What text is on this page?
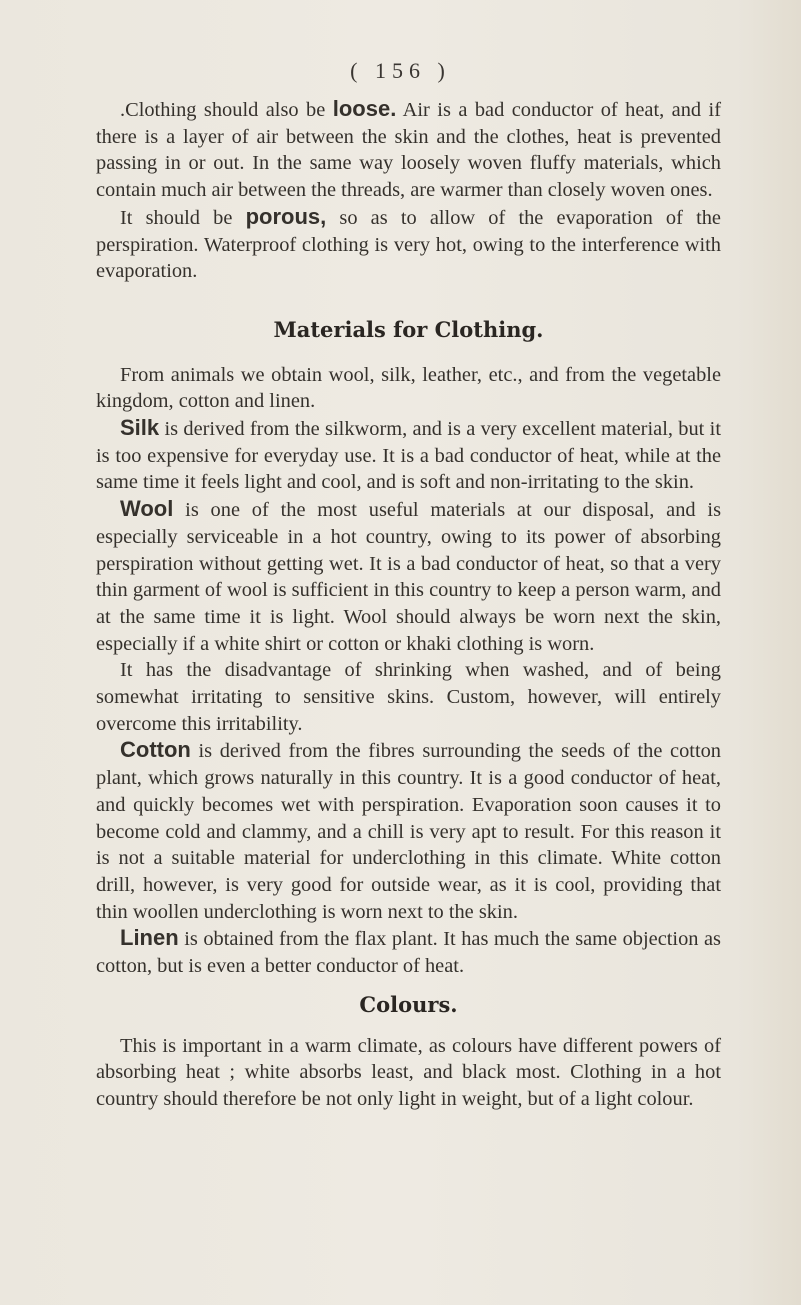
( 156 )

.Clothing should also be loose. Air is a bad conductor of heat, and if there is a layer of air between the skin and the clothes, heat is prevented passing in or out. In the same way loosely woven fluffy materials, which contain much air between the threads, are warmer than closely woven ones.

It should be porous, so as to allow of the evaporation of the perspiration. Waterproof clothing is very hot, owing to the interference with evaporation.

Materials for Clothing.

From animals we obtain wool, silk, leather, etc., and from the vegetable kingdom, cotton and linen.

Silk is derived from the silkworm, and is a very excellent material, but it is too expensive for everyday use. It is a bad conductor of heat, while at the same time it feels light and cool, and is soft and non-irritating to the skin.

Wool is one of the most useful materials at our disposal, and is especially serviceable in a hot country, owing to its power of absorbing perspiration without getting wet. It is a bad conductor of heat, so that a very thin garment of wool is sufficient in this country to keep a person warm, and at the same time it is light. Wool should always be worn next the skin, especially if a white shirt or cotton or khaki clothing is worn.

It has the disadvantage of shrinking when washed, and of being somewhat irritating to sensitive skins. Custom, however, will entirely overcome this irritability.

Cotton is derived from the fibres surrounding the seeds of the cotton plant, which grows naturally in this country. It is a good conductor of heat, and quickly becomes wet with perspiration. Evaporation soon causes it to become cold and clammy, and a chill is very apt to result. For this reason it is not a suitable material for underclothing in this climate. White cotton drill, however, is very good for outside wear, as it is cool, providing that thin woollen underclothing is worn next to the skin.

Linen is obtained from the flax plant. It has much the same objection as cotton, but is even a better conductor of heat.

Colours.

This is important in a warm climate, as colours have different powers of absorbing heat ; white absorbs least, and black most. Clothing in a hot country should therefore be not only light in weight, but of a light colour.
